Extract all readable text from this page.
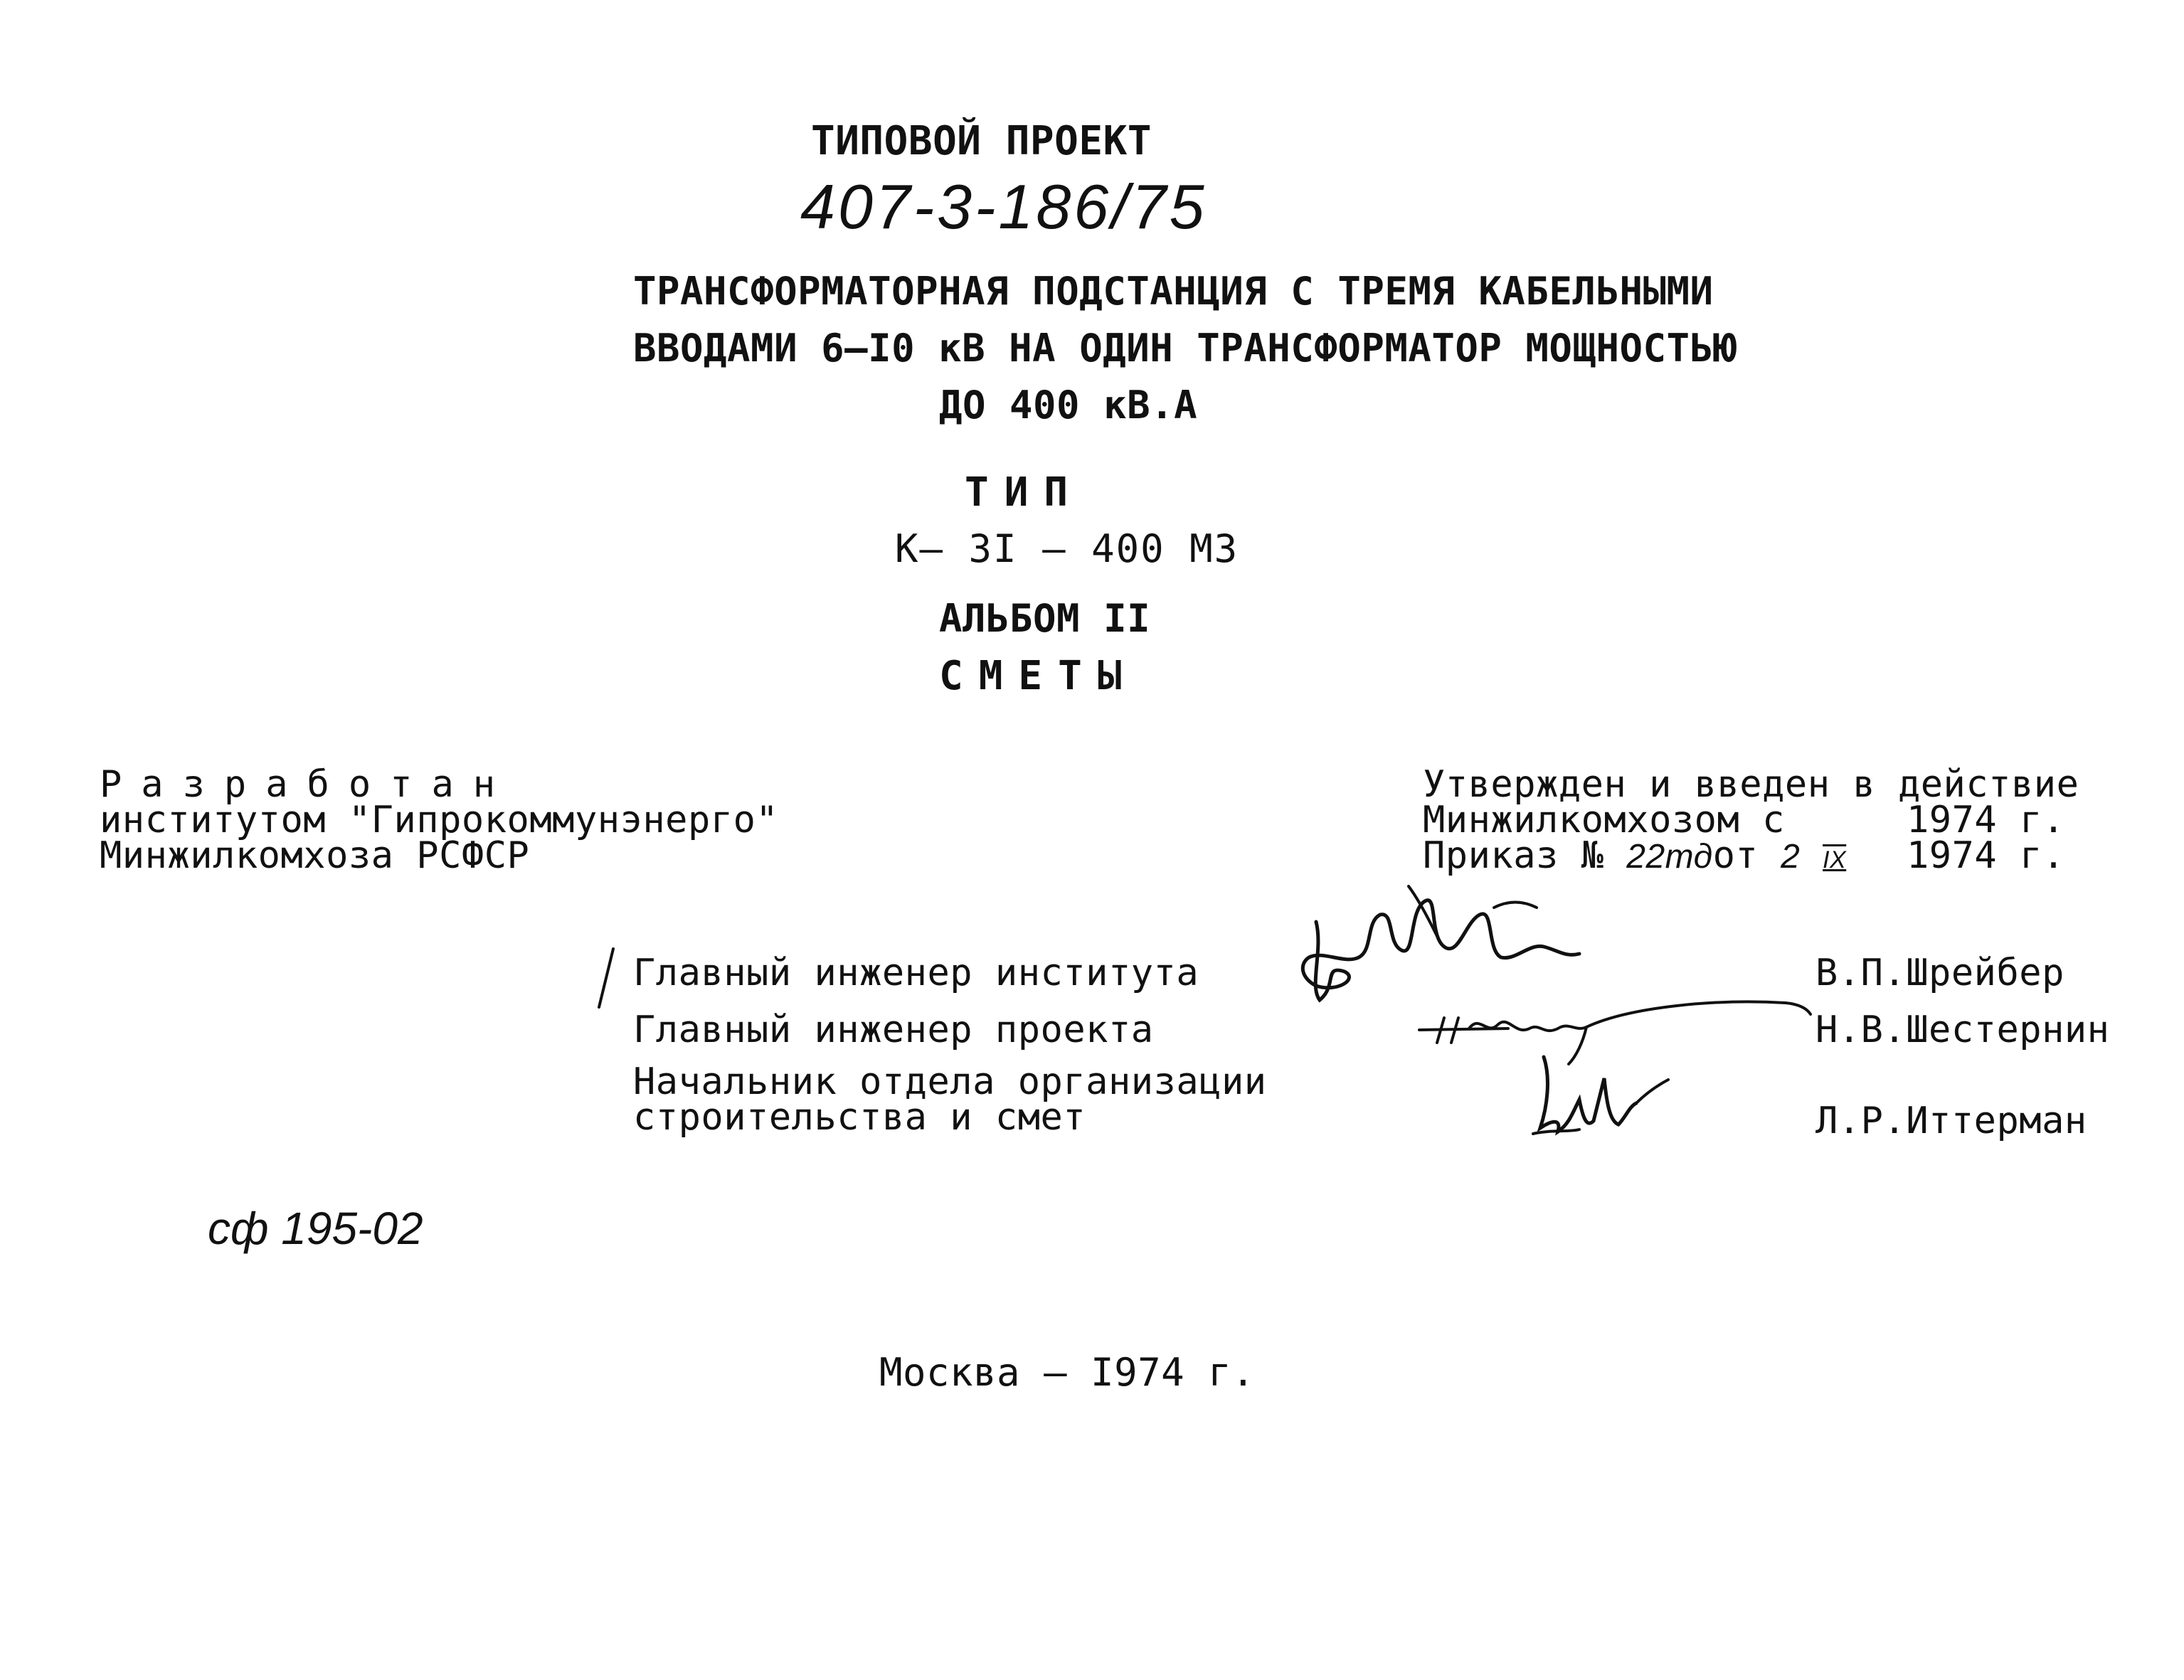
ТИПОВОЙ ПРОЕКТ
407-3-186/75
ТРАНСФОРМАТОРНАЯ ПОДСТАНЦИЯ С ТРЕМЯ КАБЕЛЬНЫМИ
ВВОДАМИ 6–I0 кВ НА ОДИН ТРАНСФОРМАТОР МОЩНОСТЬЮ
ДО 400 кВ.А
ТИП
К– 3I – 400 МЗ
АЛЬБОМ II
СМЕТЫ
Разработан
институтом "Гипрокоммунэнерго"
Минжилкомхоза РСФСР
Утвержден и введен в действие
Минжилкомхозом с	1974 г.
Приказ № 22тдот 2 IX 1974 г.
Главный инженер института
Главный инженер проекта
Начальник отдела организации
строительства и смет
В.П.Шрейбер
Н.В.Шестернин
Л.Р.Иттерман
сф 195-02
Москва – I974 г.
